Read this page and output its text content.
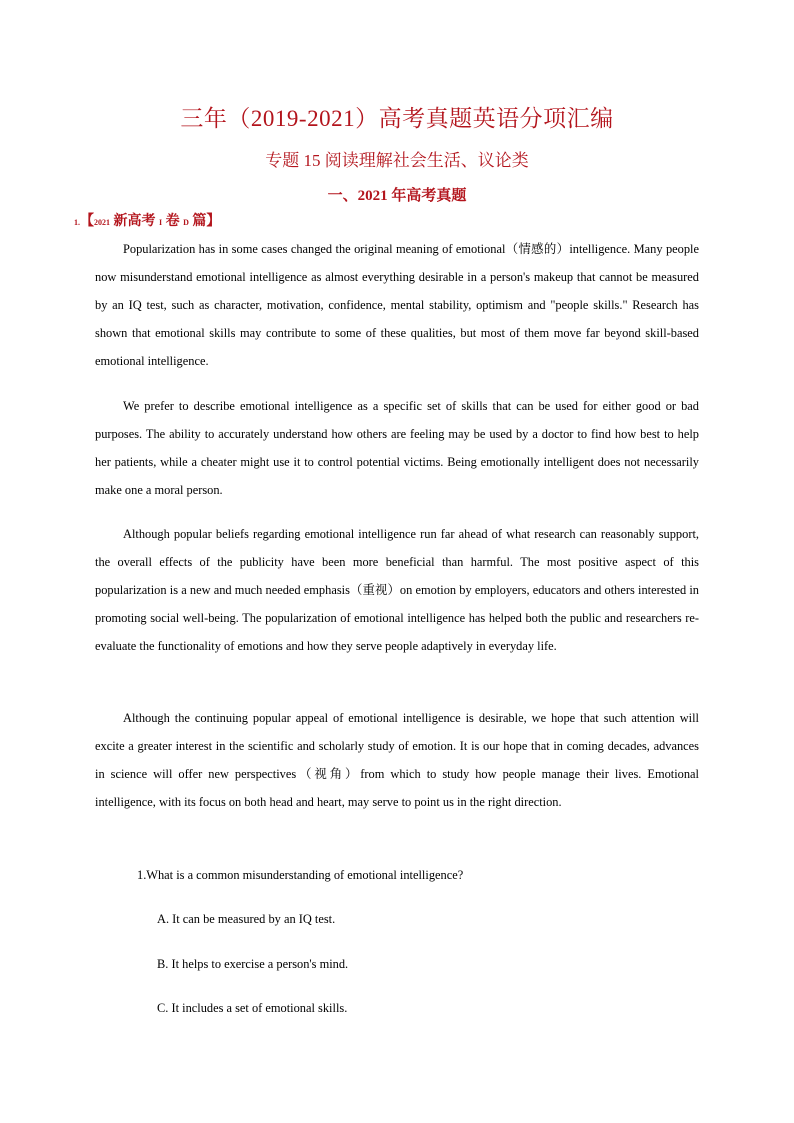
三年（2019-2021）高考真题英语分项汇编
专题 15 阅读理解社会生活、议论类
一、2021 年高考真题
1.【2021 新高考 I 卷 D 篇】

Popularization has in some cases changed the original meaning of emotional（情感的）intelligence. Many people now misunderstand emotional intelligence as almost everything desirable in a person's makeup that cannot be measured by an IQ test, such as character, motivation, confidence, mental stability, optimism and "people skills." Research has shown that emotional skills may contribute to some of these qualities, but most of them move far beyond skill-based emotional intelligence.

We prefer to describe emotional intelligence as a specific set of skills that can be used for either good or bad purposes. The ability to accurately understand how others are feeling may be used by a doctor to find how best to help her patients, while a cheater might use it to control potential victims. Being emotionally intelligent does not necessarily make one a moral person.

Although popular beliefs regarding emotional intelligence run far ahead of what research can reasonably support, the overall effects of the publicity have been more beneficial than harmful. The most positive aspect of this popularization is a new and much needed emphasis（重视）on emotion by employers, educators and others interested in promoting social well-being. The popularization of emotional intelligence has helped both the public and researchers re-evaluate the functionality of emotions and how they serve people adaptively in everyday life.

Although the continuing popular appeal of emotional intelligence is desirable, we hope that such attention will excite a greater interest in the scientific and scholarly study of emotion. It is our hope that in coming decades, advances in science will offer new perspectives（视角）from which to study how people manage their lives. Emotional intelligence, with its focus on both head and heart, may serve to point us in the right direction.

1.What is a common misunderstanding of emotional intelligence?
A. It can be measured by an IQ test.
B. It helps to exercise a person's mind.
C. It includes a set of emotional skills.
